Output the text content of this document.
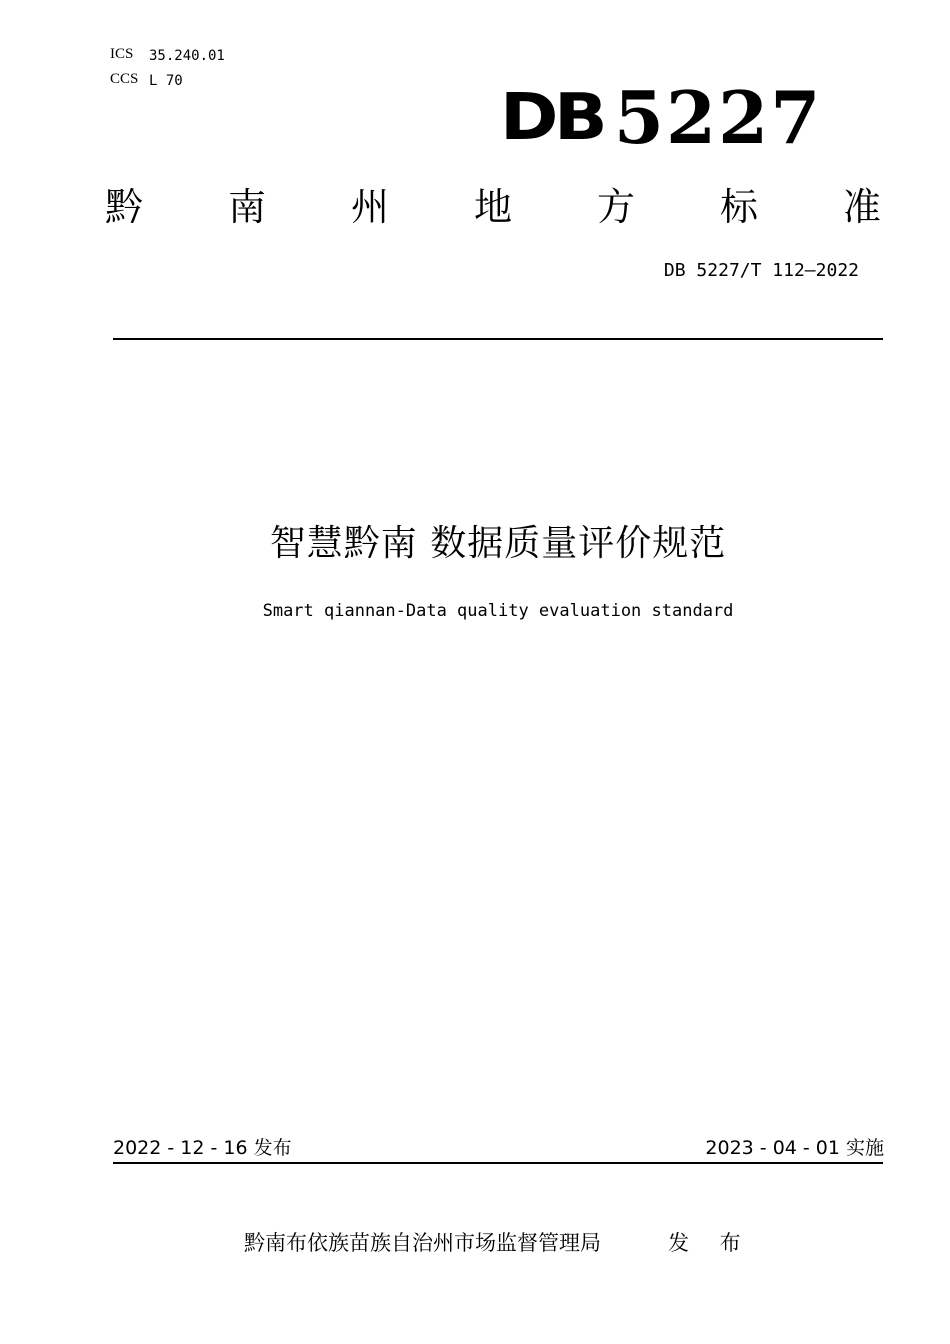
ICS 35.240.01
CCS L 70	DB 5227
黔 南 州 地 方 标 准
DB 5227/T 112—2022
智慧黔南 数据质量评价规范
Smart qiannan-Data quality evaluation standard
2022 - 12 - 16 发布	2023 - 04 - 01 实施
黔南布依族苗族自治州市场监督管理局	发 布
